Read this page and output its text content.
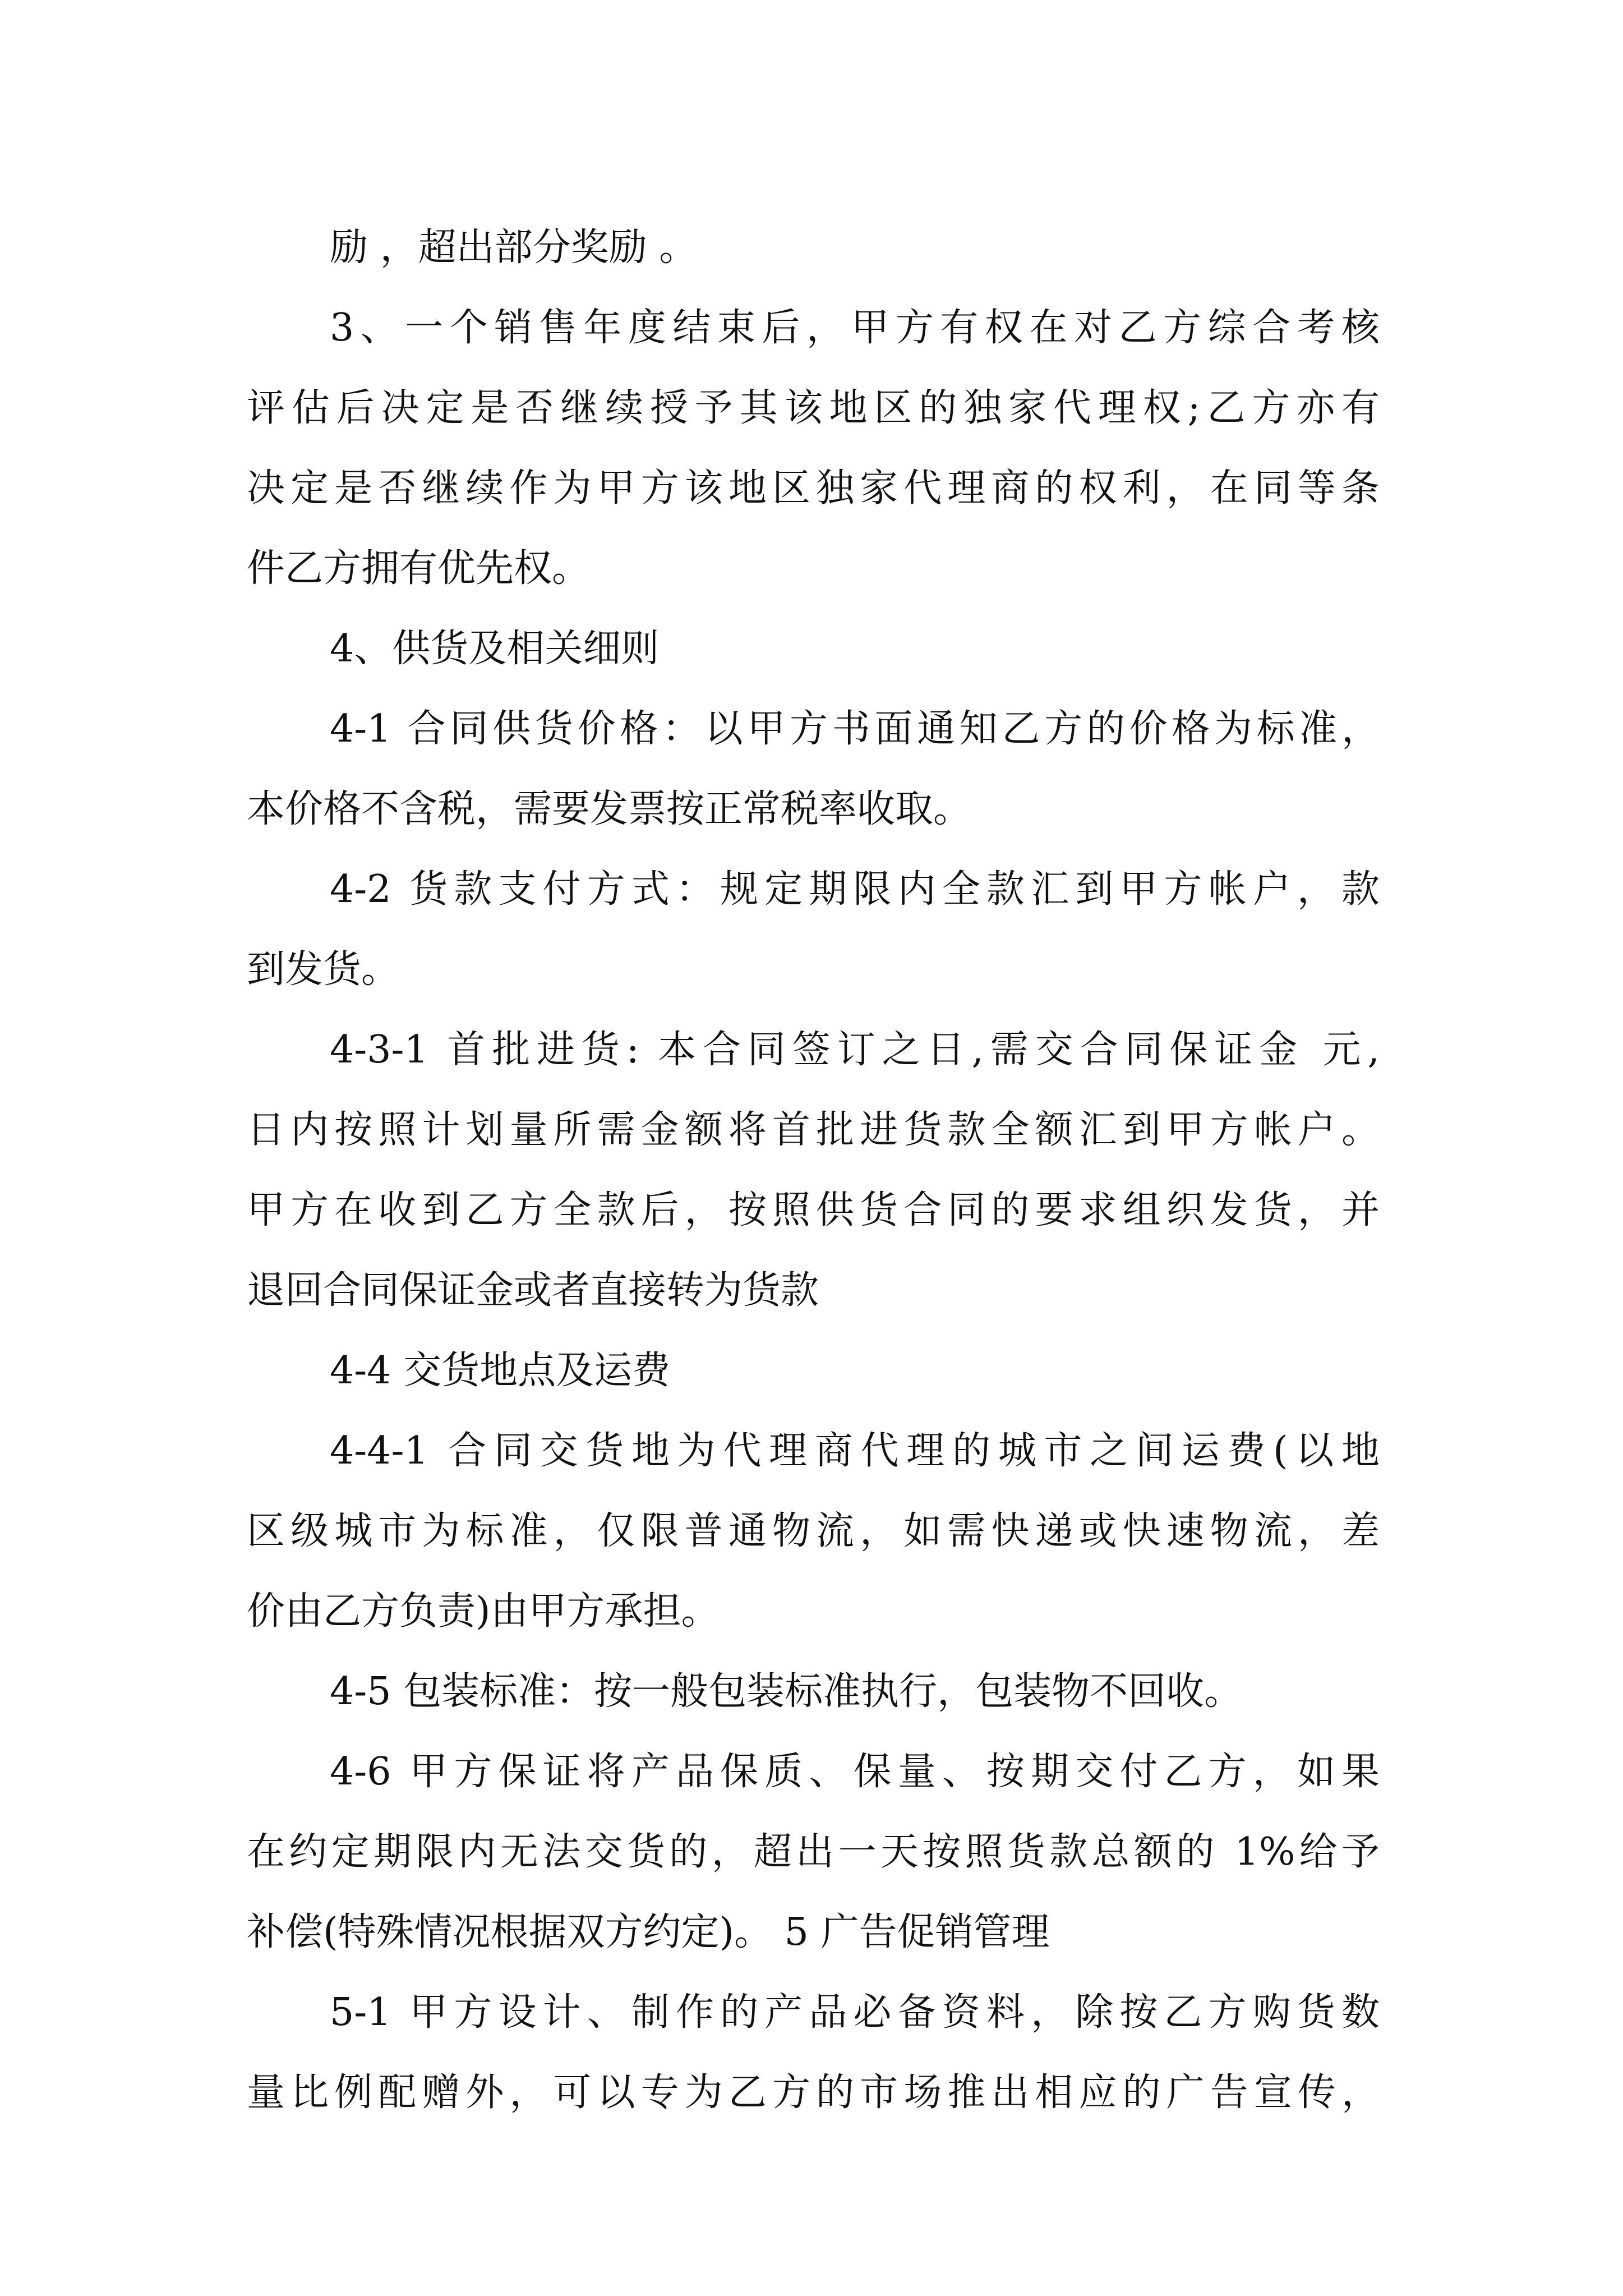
励 ，超出部分奖励 。
3、一个销售年度结束后，甲方有权在对乙方综合考核
评估后决定是否继续授予其该地区的独家代理权;乙方亦有
决定是否继续作为甲方该地区独家代理商的权利，在同等条
件乙方拥有优先权。
4、供货及相关细则
4-1 合同供货价格：以甲方书面通知乙方的价格为标准，
本价格不含税，需要发票按正常税率收取。
4-2 货款支付方式：规定期限内全款汇到甲方帐户，款
到发货。
4-3-1 首批进货: 本合同签订之日,需交合同保证金 元,
日内按照计划量所需金额将首批进货款全额汇到甲方帐户。
甲方在收到乙方全款后，按照供货合同的要求组织发货，并
退回合同保证金或者直接转为货款
4-4 交货地点及运费
4-4-1 合同交货地为代理商代理的城市之间运费(以地
区级城市为标准，仅限普通物流，如需快递或快速物流，差
价由乙方负责)由甲方承担。
4-5 包装标准：按一般包装标准执行，包装物不回收。
4-6 甲方保证将产品保质、保量、按期交付乙方，如果
在约定期限内无法交货的，超出一天按照货款总额的 1%给予
补偿(特殊情况根据双方约定)。 5 广告促销管理
5-1 甲方设计、制作的产品必备资料，除按乙方购货数
量比例配赠外，可以专为乙方的市场推出相应的广告宣传，
